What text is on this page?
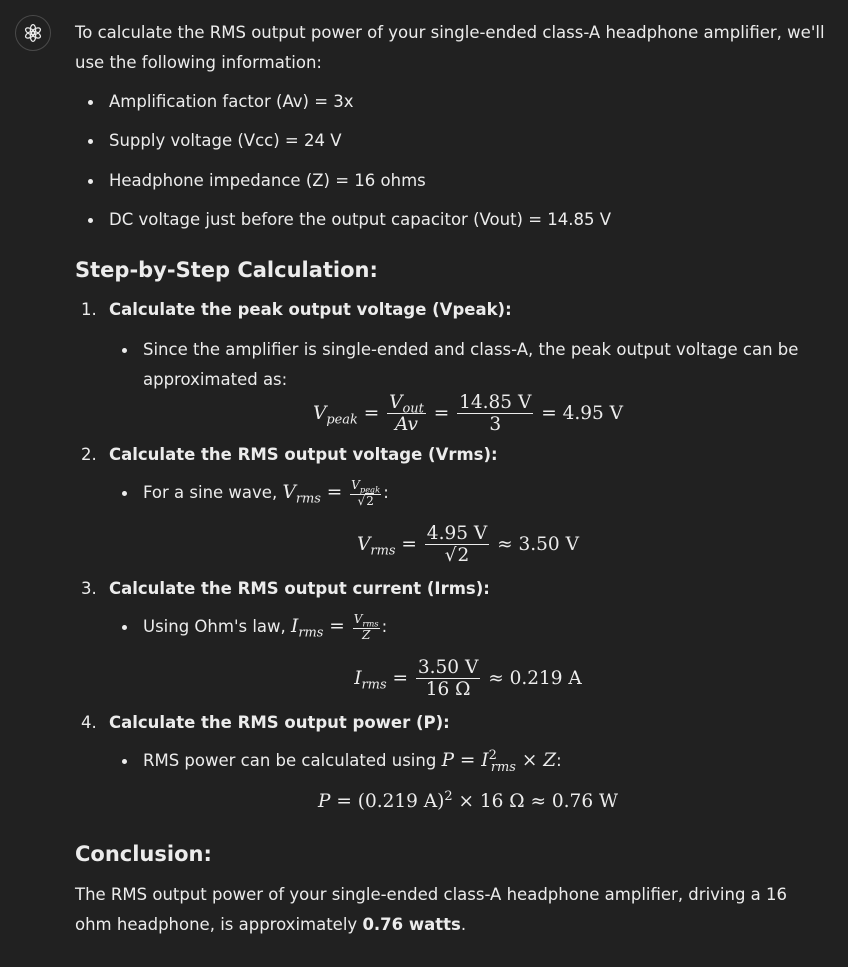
To calculate the RMS output power of your single-ended class-A headphone amplifier, we'll use the following information:

Amplification factor (Av) = 3x
Supply voltage (Vcc) = 24 V
Headphone impedance (Z) = 16 ohms
DC voltage just before the output capacitor (Vout) = 14.85 V
Step-by-Step Calculation:
1. Calculate the peak output voltage (Vpeak):
Since the amplifier is single-ended and class-A, the peak output voltage can be approximated as:
$V_{peak} = \frac{V_{out}}{Av} = \frac{14.85 V}{3} = 4.95$ V
2. Calculate the RMS output voltage (Vrms):
For a sine wave, $V_{rms} = \frac{V_{peak}}{√2}$ :
$V_{rms} = \frac{4.95 V}{√2} \approx 3.50$ V
3. Calculate the RMS output current (Irms):
Using Ohm's law, $I_{rms} = \frac{V_{rms}}{Z}$ :
$I_{rms} = \frac{3.50 V}{16 \Omega} \approx 0.219$ A
4. Calculate the RMS output power (P):
RMS power can be calculated using $P = I^2_{rms} \times Z$:
P = (0.219 A)$^2$ × 16 Ω ≈ 0.76 W
Conclusion:

The RMS output power of your single-ended class-A headphone amplifier, driving a 16 ohm headphone, is approximately 0.76 watts.
